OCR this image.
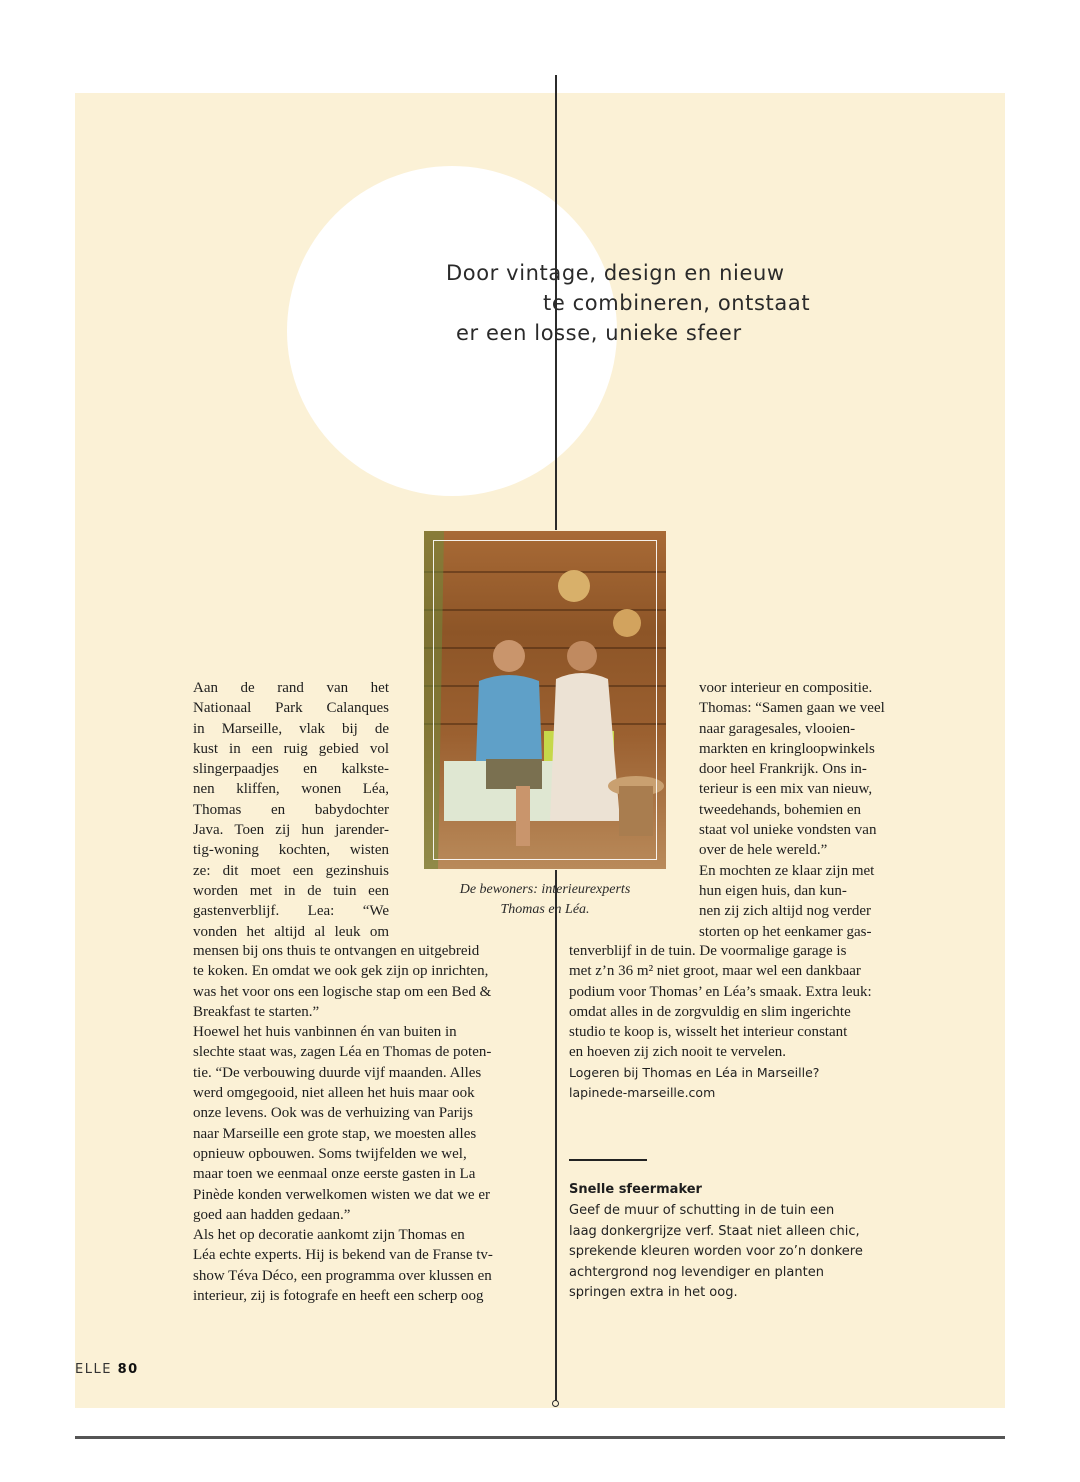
Door vintage, design en nieuw
te combineren, ontstaat
er een losse, unieke sfeer

De bewoners: interieurexperts
Thomas en Léa.

Aan de rand van het
Nationaal Park Calanques
in Marseille, vlak bij de
kust in een ruig gebied vol
slingerpaadjes en kalkste-
nen kliffen, wonen Léa,
Thomas en babydochter
Java. Toen zij hun jarender-
tig-woning kochten, wisten
ze: dit moet een gezinshuis
worden met in de tuin een
gastenverblijf. Lea: “We
vonden het altijd al leuk om
mensen bij ons thuis te ontvangen en uitgebreid
te koken. En omdat we ook gek zijn op inrichten,
was het voor ons een logische stap om een Bed &
Breakfast te starten.”
Hoewel het huis vanbinnen én van buiten in
slechte staat was, zagen Léa en Thomas de poten-
tie. “De verbouwing duurde vijf maanden. Alles
werd omgegooid, niet alleen het huis maar ook
onze levens. Ook was de verhuizing van Parijs
naar Marseille een grote stap, we moesten alles
opnieuw opbouwen. Soms twijfelden we wel,
maar toen we eenmaal onze eerste gasten in La
Pinède konden verwelkomen wisten we dat we er
goed aan hadden gedaan.”
Als het op decoratie aankomt zijn Thomas en
Léa echte experts. Hij is bekend van de Franse tv-
show Téva Déco, een programma over klussen en
interieur, zij is fotografe en heeft een scherp oog
voor interieur en compositie.
Thomas: “Samen gaan we veel
naar garagesales, vlooien-
markten en kringloopwinkels
door heel Frankrijk. Ons in-
terieur is een mix van nieuw,
tweedehands, bohemien en
staat vol unieke vondsten van
over de hele wereld.”
En mochten ze klaar zijn met
hun eigen huis, dan kun-
nen zij zich altijd nog verder
storten op het eenkamer gas-
tenverblijf in de tuin. De voormalige garage is
met z’n 36 m² niet groot, maar wel een dankbaar
podium voor Thomas’ en Léa’s smaak. Extra leuk:
omdat alles in de zorgvuldig en slim ingerichte
studio te koop is, wisselt het interieur constant
en hoeven zij zich nooit te vervelen.
Logeren bij Thomas en Léa in Marseille?
lapinede-marseille.com
Snelle sfeermaker
Geef de muur of schutting in de tuin een
laag donkergrijze verf. Staat niet alleen chic,
sprekende kleuren worden voor zo’n donkere
achtergrond nog levendiger en planten
springen extra in het oog.
ELLE 80
